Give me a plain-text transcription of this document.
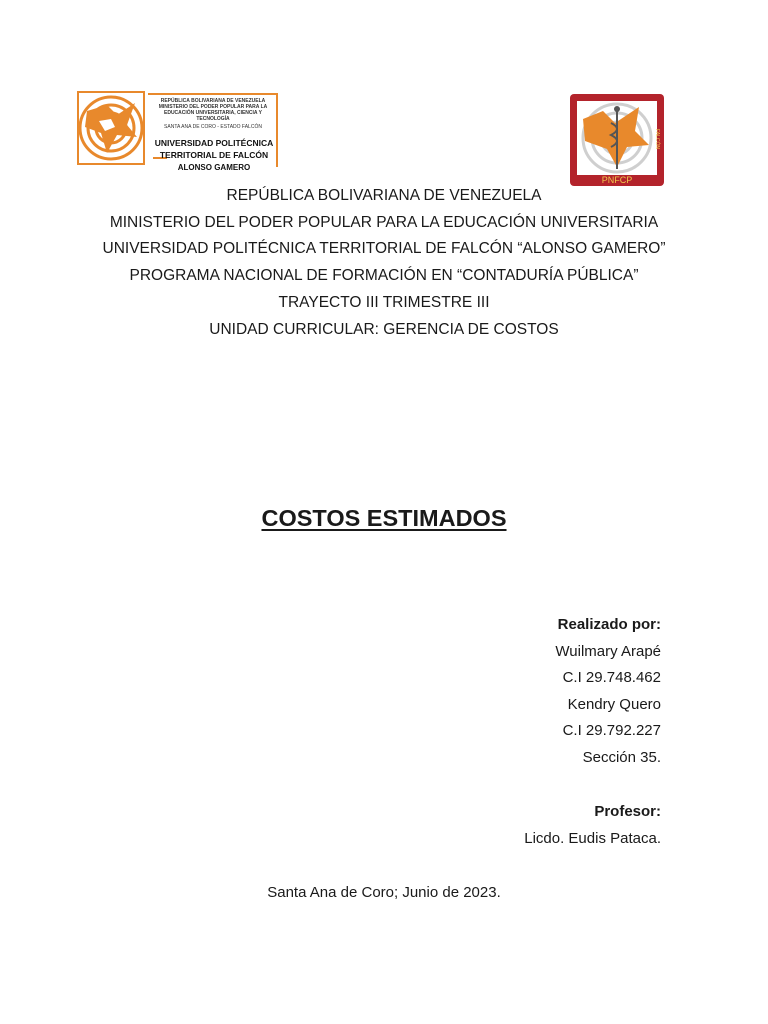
REPÚBLICA BOLIVARIANA DE VENEZUELA
MINISTERIO DEL PODER POPULAR PARA LA
EDUCACIÓN UNIVERSITARIA, CIENCIA Y TECNOLOGÍA
SANTA ANA DE CORO - ESTADO FALCÓN
UNIVERSIDAD POLITÉCNICA
TERRITORIAL DE FALCÓN
ALONSO GAMERO
PNFCP
FALCÓN
REPÚBLICA BOLIVARIANA DE VENEZUELA
MINISTERIO DEL PODER POPULAR PARA LA EDUCACIÓN UNIVERSITARIA
UNIVERSIDAD POLITÉCNICA TERRITORIAL DE FALCÓN “ALONSO GAMERO”
PROGRAMA NACIONAL DE FORMACIÓN EN “CONTADURÍA PÚBLICA”
TRAYECTO III TRIMESTRE III
UNIDAD CURRICULAR: GERENCIA DE COSTOS
COSTOS ESTIMADOS
Realizado por:
Wuilmary Arapé
C.I 29.748.462
Kendry Quero
C.I 29.792.227
Sección 35.
Profesor:
Licdo. Eudis Pataca.
Santa Ana de Coro; Junio de 2023.
